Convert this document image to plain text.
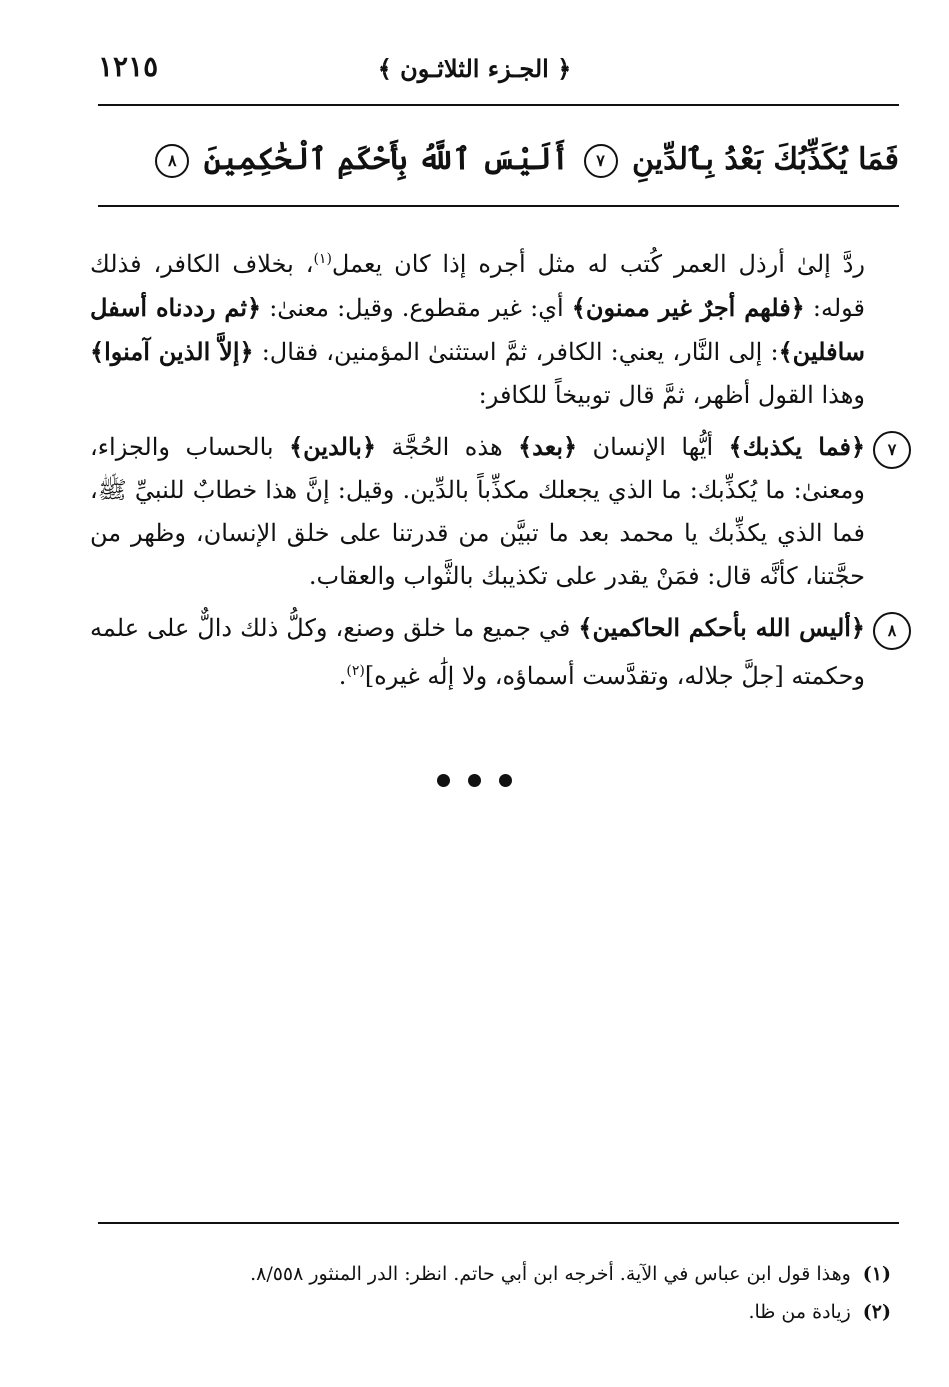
١٢١٥	﴿ الجـزء الثلاثـون ﴾
فَمَا يُكَذِّبُكَ بَعْدُ بِٱلدِّينِ ٧ أَلَيْسَ ٱللَّهُ بِأَحْكَمِ ٱلْحَٰكِمِينَ ٨

ردَّ إلىٰ أرذل العمر كُتب له مثل أجره إذا كان يعمل$^{(١)}$، بخلاف الكافر، فذلك قوله: ﴿فلهم أجرٌ غير ممنون﴾ أي: غير مقطوع. وقيل: معنىٰ: ﴿ثم رددناه أسفل سافلين﴾: إلى النَّار، يعني: الكافر، ثمَّ استثنىٰ المؤمنين، فقال: ﴿إلاَّ الذين آمنوا﴾ وهذا القول أظهر، ثمَّ قال توبيخاً للكافر:

٧
﴿فما يكذبك﴾ أيُّها الإنسان ﴿بعد﴾ هذه الحُجَّة ﴿بالدين﴾ بالحساب والجزاء، ومعنىٰ: ما يُكذِّبك: ما الذي يجعلك مكذِّباً بالدِّين. وقيل: إنَّ هذا خطابٌ للنبيِّ ﷺ، فما الذي يكذِّبك يا محمد بعد ما تبيَّن من قدرتنا على خلق الإنسان، وظهر من حجَّتنا، كأنَّه قال: فمَنْ يقدر على تكذيبك بالثَّواب والعقاب.

٨
﴿أليس الله بأحكم الحاكمين﴾ في جميع ما خلق وصنع، وكلُّ ذلك دالٌّ على علمه وحكمته [جلَّ جلاله، وتقدَّست أسماؤه، ولا إلَٰه غيره]$^{(٢)}$.

(١)وهذا قول ابن عباس في الآية. أخرجه ابن أبي حاتم. انظر: الدر المنثور ٨/٥٥٨.
(٢)زيادة من ظا.
